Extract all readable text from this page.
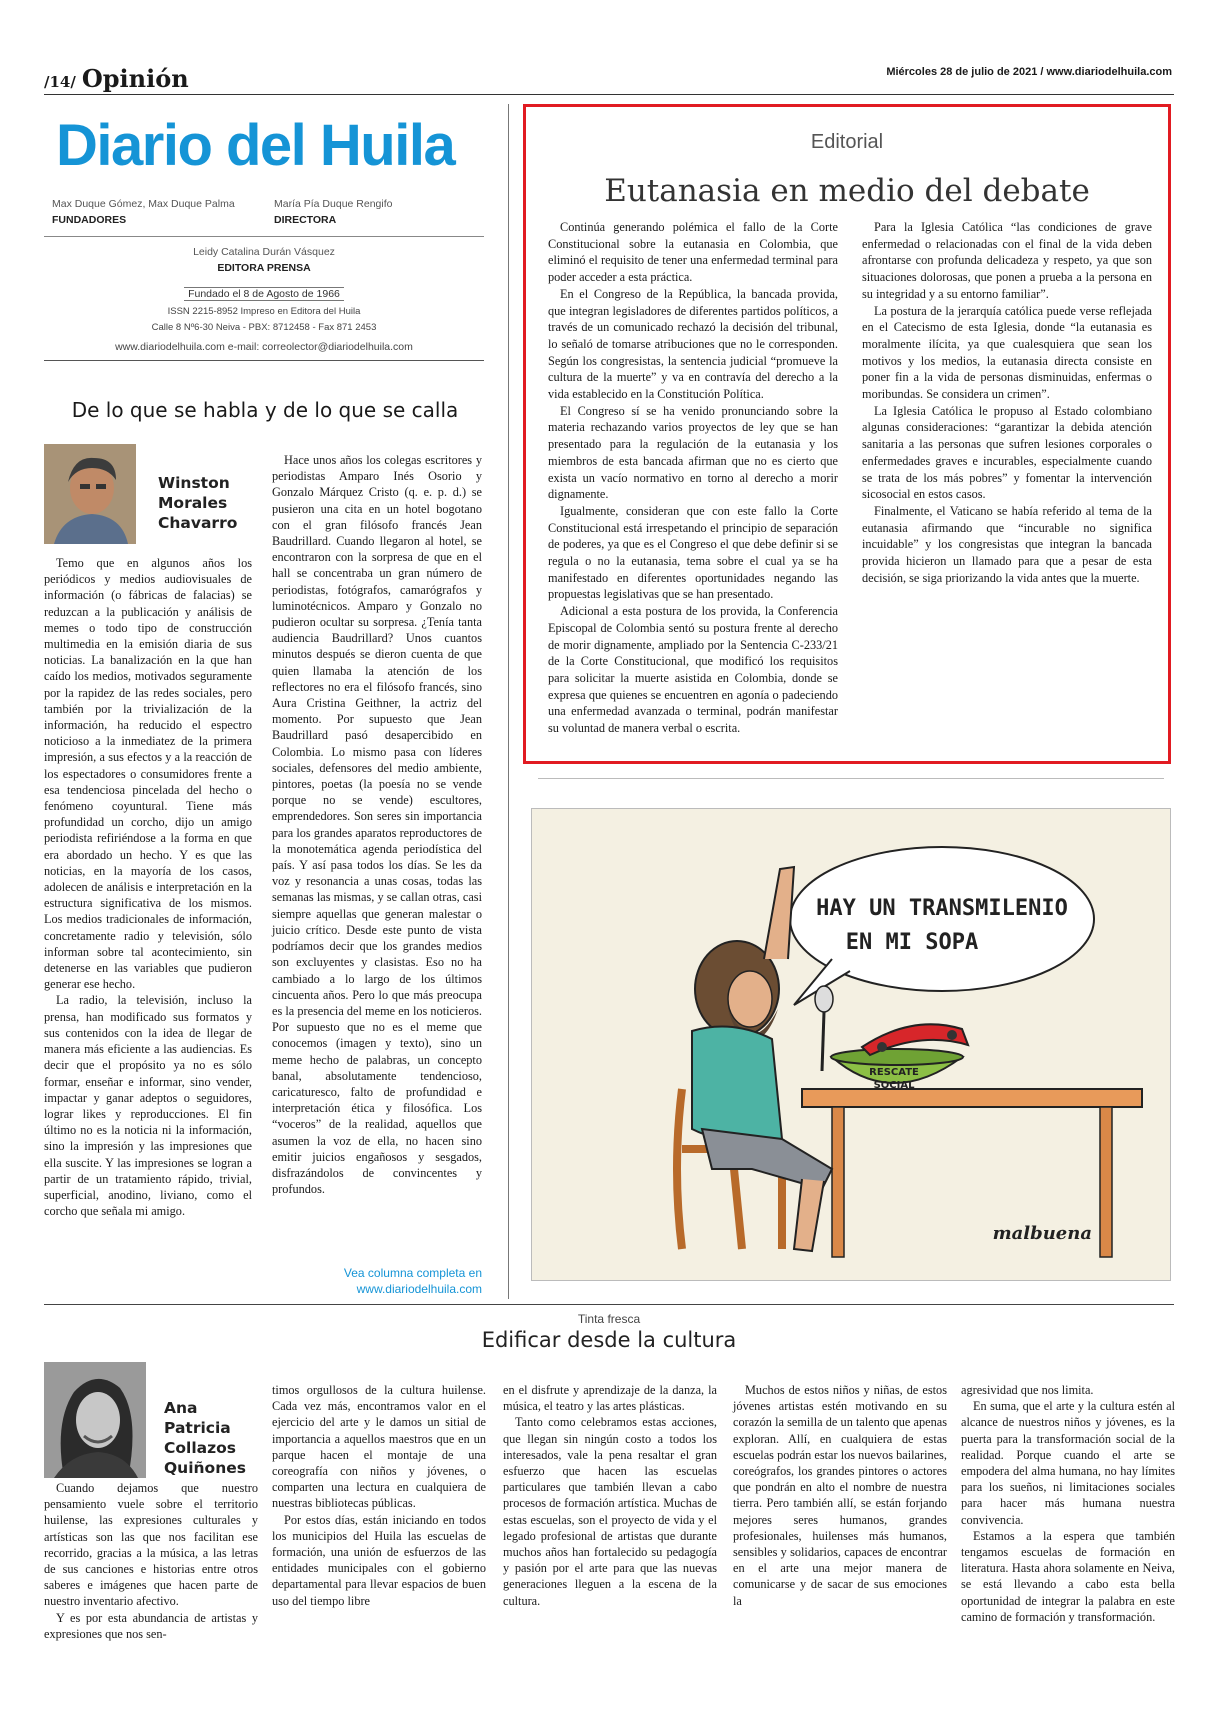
/14/ Opinión	Miércoles 28 de julio de 2021 / www.diariodelhuila.com
Diario del Huila
Max Duque Gómez, Max Duque Palma
FUNDADORES
María Pía Duque Rengifo
DIRECTORA
Leidy Catalina Durán Vásquez
EDITORA PRENSA
Fundado el 8 de Agosto de 1966
ISSN 2215-8952 Impreso en Editora del Huila
Calle 8 Nº6-30 Neiva - PBX: 8712458 - Fax 871 2453
www.diariodelhuila.com e-mail: correolector@diariodelhuila.com
De lo que se habla y de lo que se calla
Winston
Morales
Chavarro

Temo que en algunos años los periódicos y medios audiovisuales de información (o fábricas de falacias) se reduzcan a la publicación y análisis de memes o todo tipo de construcción multimedia en la emisión diaria de sus noticias. La banalización en la que han caído los medios, motivados seguramente por la rapidez de las redes sociales, pero también por la trivialización de la información, ha reducido el espectro noticioso a la inmediatez de la primera impresión, a sus efectos y a la reacción de los espectadores o consumidores frente a esa tendenciosa pincelada del hecho o fenómeno coyuntural. Tiene más profundidad un corcho, dijo un amigo periodista refiriéndose a la forma en que era abordado un hecho. Y es que las noticias, en la mayoría de los casos, adolecen de análisis e interpretación en la estructura significativa de los mismos. Los medios tradicionales de información, concretamente radio y televisión, sólo informan sobre tal acontecimiento, sin detenerse en las variables que pudieron generar ese hecho.

La radio, la televisión, incluso la prensa, han modificado sus formatos y sus contenidos con la idea de llegar de manera más eficiente a las audiencias. Es decir que el propósito ya no es sólo formar, enseñar e informar, sino vender, impactar y ganar adeptos o seguidores, lograr likes y reproducciones. El fin último no es la noticia ni la información, sino la impresión y las impresiones que ella suscite. Y las impresiones se logran a partir de un tratamiento rápido, trivial, superficial, anodino, liviano, como el corcho que señala mi amigo.

Hace unos años los colegas escritores y periodistas Amparo Inés Osorio y Gonzalo Márquez Cristo (q. e. p. d.) se pusieron una cita en un hotel bogotano con el gran filósofo francés Jean Baudrillard. Cuando llegaron al hotel, se encontraron con la sorpresa de que en el hall se concentraba un gran número de periodistas, fotógrafos, camarógrafos y luminotécnicos. Amparo y Gonzalo no pudieron ocultar su sorpresa. ¿Tenía tanta audiencia Baudrillard? Unos cuantos minutos después se dieron cuenta de que quien llamaba la atención de los reflectores no era el filósofo francés, sino Aura Cristina Geithner, la actriz del momento. Por supuesto que Jean Baudrillard pasó desapercibido en Colombia. Lo mismo pasa con líderes sociales, defensores del medio ambiente, pintores, poetas (la poesía no se vende porque no se vende) escultores, emprendedores. Son seres sin importancia para los grandes aparatos reproductores de la monotemática agenda periodística del país. Y así pasa todos los días. Se les da voz y resonancia a unas cosas, todas las semanas las mismas, y se callan otras, casi siempre aquellas que generan malestar o juicio crítico. Desde este punto de vista podríamos decir que los grandes medios son excluyentes y clasistas. Eso no ha cambiado a lo largo de los últimos cincuenta años. Pero lo que más preocupa es la presencia del meme en los noticieros. Por supuesto que no es el meme que conocemos (imagen y texto), sino un meme hecho de palabras, un concepto banal, absolutamente tendencioso, caricaturesco, falto de profundidad e interpretación ética y filosófica. Los “voceros” de la realidad, aquellos que asumen la voz de ella, no hacen sino emitir juicios engañosos y sesgados, disfrazándolos de convincentes y profundos.

Vea columna completa en
www.diariodelhuila.com
Editorial
Eutanasia en medio del debate

Continúa generando polémica el fallo de la Corte Constitucional sobre la eutanasia en Colombia, que eliminó el requisito de tener una enfermedad terminal para poder acceder a esta práctica.

En el Congreso de la República, la bancada provida, que integran legisladores de diferentes partidos políticos, a través de un comunicado rechazó la decisión del tribunal, lo señaló de tomarse atribuciones que no le corresponden. Según los congresistas, la sentencia judicial “promueve la cultura de la muerte” y va en contravía del derecho a la vida establecido en la Constitución Política.

El Congreso sí se ha venido pronunciando sobre la materia rechazando varios proyectos de ley que se han presentado para la regulación de la eutanasia y los miembros de esta bancada afirman que no es cierto que exista un vacío normativo en torno al derecho a morir dignamente.

Igualmente, consideran que con este fallo la Corte Constitucional está irrespetando el principio de separación de poderes, ya que es el Congreso el que debe definir si se regula o no la eutanasia, tema sobre el cual ya se ha manifestado en diferentes oportunidades negando las propuestas legislativas que se han presentado.

Adicional a esta postura de los provida, la Conferencia Episcopal de Colombia sentó su postura frente al derecho de morir dignamente, ampliado por la Sentencia C-233/21 de la Corte Constitucional, que modificó los requisitos para solicitar la muerte asistida en Colombia, donde se expresa que quienes se encuentren en agonía o padeciendo una enfermedad avanzada o terminal, podrán manifestar su voluntad de manera verbal o escrita.

Para la Iglesia Católica “las condiciones de grave enfermedad o relacionadas con el final de la vida deben afrontarse con profunda delicadeza y respeto, ya que son situaciones dolorosas, que ponen a prueba a la persona en su integridad y a su entorno familiar”.

La postura de la jerarquía católica puede verse reflejada en el Catecismo de esta Iglesia, donde “la eutanasia es moralmente ilícita, ya que cualesquiera que sean los motivos y los medios, la eutanasia directa consiste en poner fin a la vida de personas disminuidas, enfermas o moribundas. Se considera un crimen”.

La Iglesia Católica le propuso al Estado colombiano algunas consideraciones: “garantizar la debida atención sanitaria a las personas que sufren lesiones corporales o enfermedades graves e incurables, especialmente cuando se trata de los más pobres” y fomentar la intervención sicosocial en estos casos.

Finalmente, el Vaticano se había referido al tema de la eutanasia afirmando que “incurable no significa incuidable” y los congresistas que integran la bancada provida hicieron un llamado para que a pesar de esta decisión, se siga priorizando la vida antes que la muerte.

HAY UN TRANSMILENIO
EN MI SOPA
RESCATE
SOCIAL
malbuena
Tinta fresca
Edificar desde la cultura
Ana
Patricia
Collazos
Quiñones

Cuando dejamos que nuestro pensamiento vuele sobre el territorio huilense, las expresiones culturales y artísticas son las que nos facilitan ese recorrido, gracias a la música, a las letras de sus canciones e historias entre otros saberes e imágenes que hacen parte de nuestro inventario afectivo.

Y es por esta abundancia de artistas y expresiones que nos sen-

timos orgullosos de la cultura huilense. Cada vez más, encontramos valor en el ejercicio del arte y le damos un sitial de importancia a aquellos maestros que en un parque hacen el montaje de una coreografía con niños y jóvenes, o comparten una lectura en cualquiera de nuestras bibliotecas públicas.

Por estos días, están iniciando en todos los municipios del Huila las escuelas de formación, una unión de esfuerzos de las entidades municipales con el gobierno departamental para llevar espacios de buen uso del tiempo libre

en el disfrute y aprendizaje de la danza, la música, el teatro y las artes plásticas.

Tanto como celebramos estas acciones, que llegan sin ningún costo a todos los interesados, vale la pena resaltar el gran esfuerzo que hacen las escuelas particulares que también llevan a cabo procesos de formación artística. Muchas de estas escuelas, son el proyecto de vida y el legado profesional de artistas que durante muchos años han fortalecido su pedagogía y pasión por el arte para que las nuevas generaciones lleguen a la escena de la cultura.

Muchos de estos niños y niñas, de estos jóvenes artistas estén motivando en su corazón la semilla de un talento que apenas exploran. Allí, en cualquiera de estas escuelas podrán estar los nuevos bailarines, coreógrafos, los grandes pintores o actores que pondrán en alto el nombre de nuestra tierra. Pero también allí, se están forjando mejores seres humanos, grandes profesionales, huilenses más humanos, sensibles y solidarios, capaces de encontrar en el arte una mejor manera de comunicarse y de sacar de sus emociones la

agresividad que nos limita.

En suma, que el arte y la cultura estén al alcance de nuestros niños y jóvenes, es la puerta para la transformación social de la realidad. Porque cuando el arte se empodera del alma humana, no hay límites para los sueños, ni limitaciones sociales para hacer más humana nuestra convivencia.

Estamos a la espera que también tengamos escuelas de formación en literatura. Hasta ahora solamente en Neiva, se está llevando a cabo esta bella oportunidad de integrar la palabra en este camino de formación y transformación.
